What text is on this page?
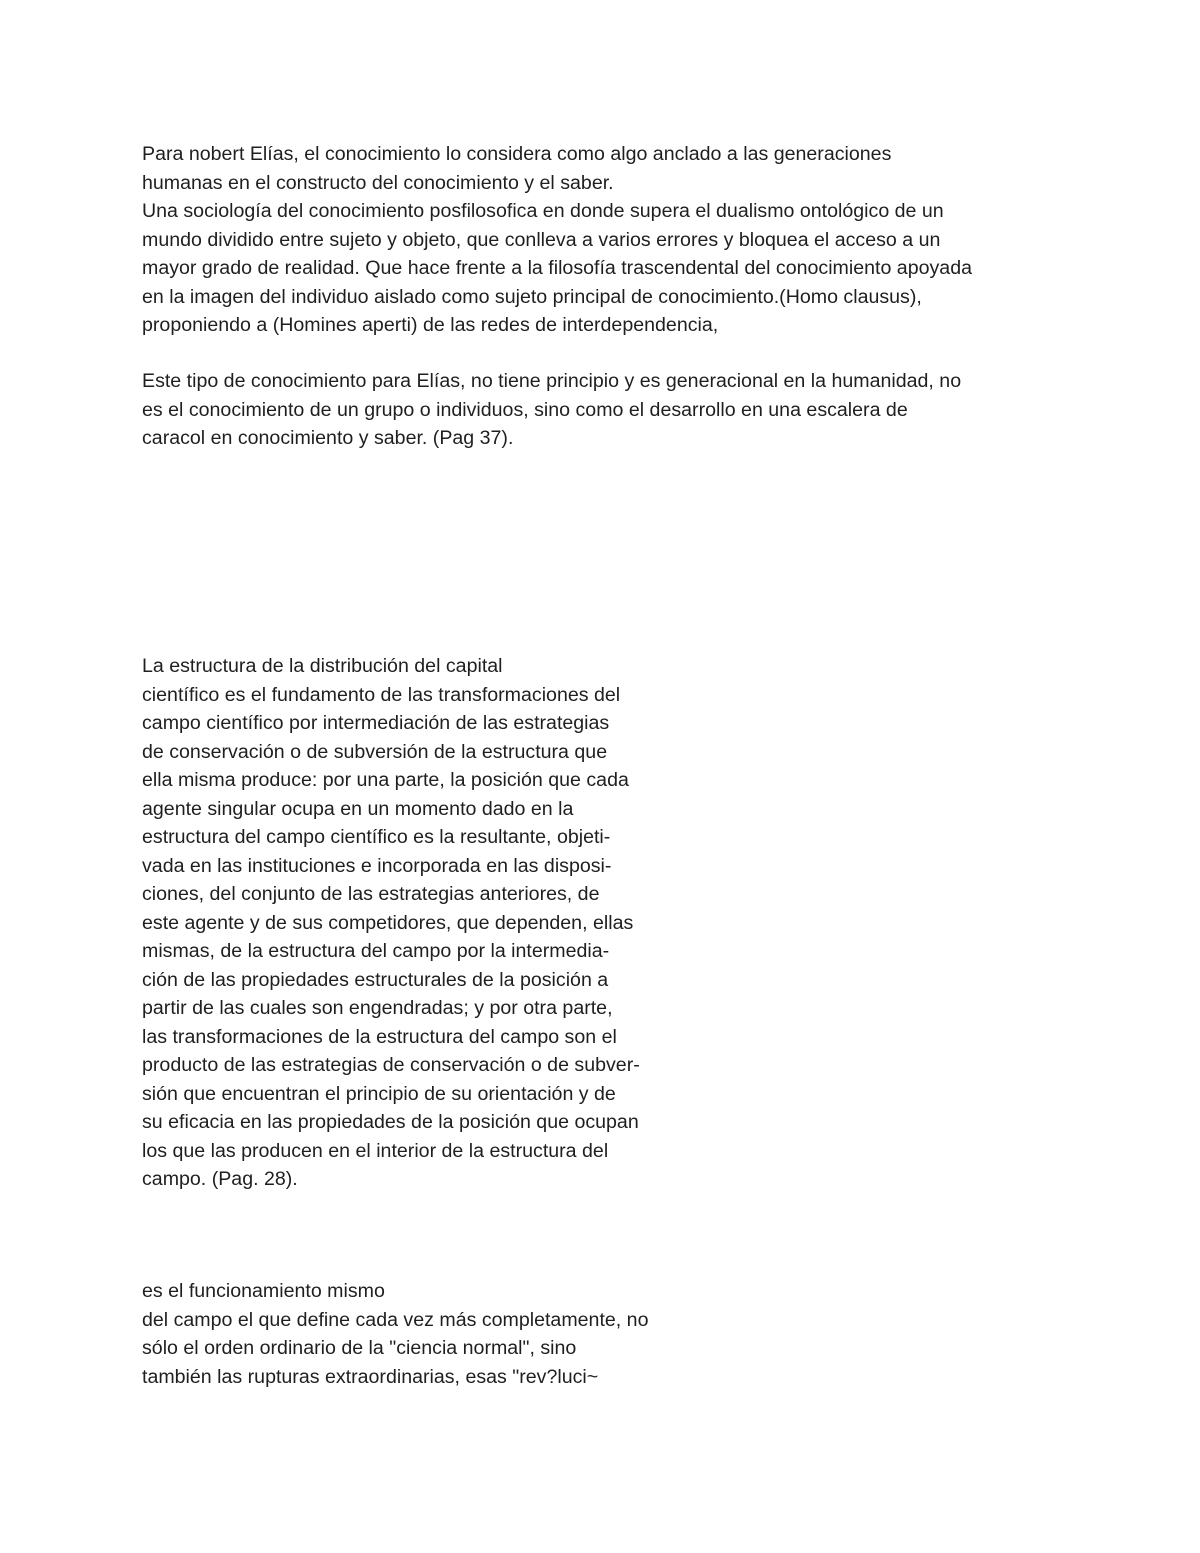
Para nobert Elías, el conocimiento lo considera como algo anclado a las generaciones
humanas en el constructo del conocimiento y el saber.
Una sociología del conocimiento posfilosofica en donde supera el dualismo ontológico de un
mundo dividido entre sujeto y objeto, que conlleva a varios errores y bloquea el acceso a un
mayor grado de realidad. Que hace frente a la filosofía trascendental del conocimiento apoyada
en la imagen del individuo aislado como sujeto principal de conocimiento.(Homo clausus),
proponiendo a (Homines aperti) de las redes de interdependencia,
Este tipo de conocimiento para Elías, no tiene principio y es generacional en la humanidad, no
es el conocimiento de un grupo o individuos, sino como el desarrollo en una escalera de
caracol en conocimiento y saber. (Pag 37).
La estructura de la distribución del capital
científico es el fundamento de las transformaciones del
campo científico por intermediación de las estrategias
de conservación o de subversión de la estructura que
ella misma produce: por una parte, la posición que cada
agente singular ocupa en un momento dado en la
estructura del campo científico es la resultante, objeti-
vada en las instituciones e incorporada en las disposi-
ciones, del conjunto de las estrategias anteriores, de
este agente y de sus competidores, que dependen, ellas
mismas, de la estructura del campo por la intermedia-
ción de las propiedades estructurales de la posición a
partir de las cuales son engendradas; y por otra parte,
las transformaciones de la estructura del campo son el
producto de las estrategias de conservación o de subver-
sión que encuentran el principio de su orientación y de
su eficacia en las propiedades de la posición que ocupan
los que las producen en el interior de la estructura del
campo. (Pag. 28).
es el funcionamiento mismo
del campo el que define cada vez más completamente, no
sólo el orden ordinario de la "ciencia normal", sino
también las rupturas extraordinarias, esas "rev?luci~
